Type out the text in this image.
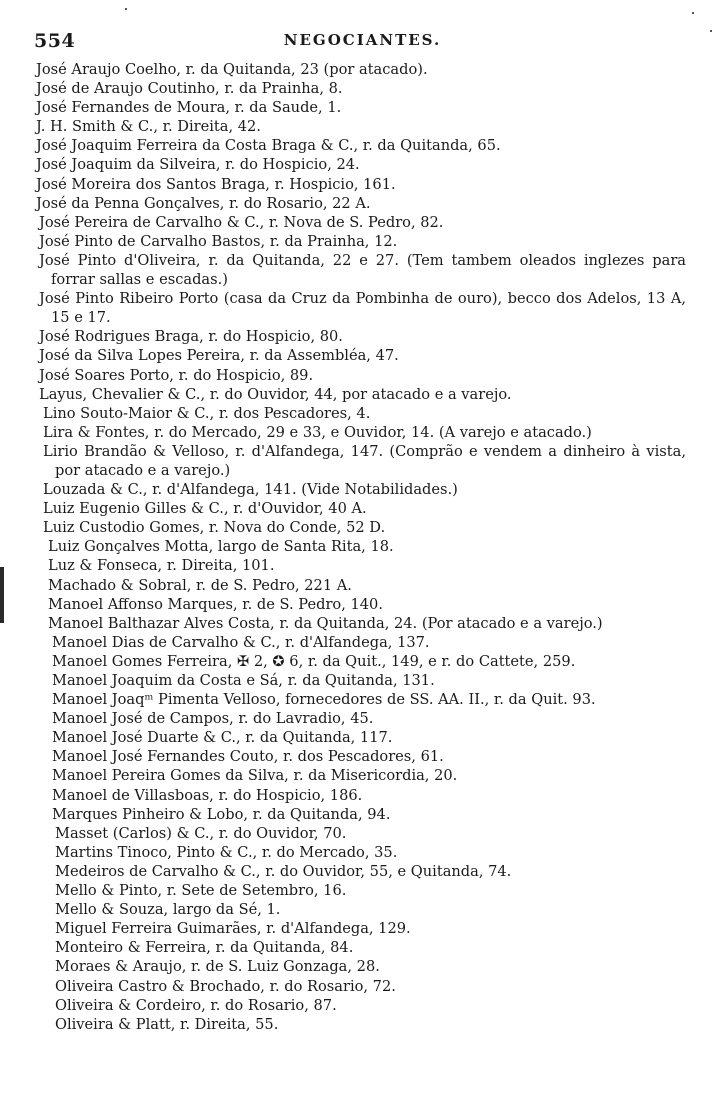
554	NEGOCIANTES.
José Araujo Coelho, r. da Quitanda, 23 (por atacado).
José de Araujo Coutinho, r. da Prainha, 8.
José Fernandes de Moura, r. da Saude, 1.
J. H. Smith & C., r. Direita, 42.
José Joaquim Ferreira da Costa Braga & C., r. da Quitanda, 65.
José Joaquim da Silveira, r. do Hospicio, 24.
José Moreira dos Santos Braga, r. Hospicio, 161.
José da Penna Gonçalves, r. do Rosario, 22 A.
José Pereira de Carvalho & C., r. Nova de S. Pedro, 82.
José Pinto de Carvalho Bastos, r. da Prainha, 12.
José Pinto d'Oliveira, r. da Quitanda, 22 e 27. (Tem tambem oleados inglezes para forrar sallas e escadas.)
José Pinto Ribeiro Porto (casa da Cruz da Pombinha de ouro), becco dos Adelos, 13 A, 15 e 17.
José Rodrigues Braga, r. do Hospicio, 80.
José da Silva Lopes Pereira, r. da Assembléa, 47.
José Soares Porto, r. do Hospicio, 89.
Layus, Chevalier & C., r. do Ouvidor, 44, por atacado e a varejo.
Lino Souto-Maior & C., r. dos Pescadores, 4.
Lira & Fontes, r. do Mercado, 29 e 33, e Ouvidor, 14. (A varejo e atacado.)
Lirio Brandão & Velloso, r. d'Alfandega, 147. (Comprão e vendem a dinheiro à vista, por atacado e a varejo.)
Louzada & C., r. d'Alfandega, 141. (Vide Notabilidades.)
Luiz Eugenio Gilles & C., r. d'Ouvidor, 40 A.
Luiz Custodio Gomes, r. Nova do Conde, 52 D.
Luiz Gonçalves Motta, largo de Santa Rita, 18.
Luz & Fonseca, r. Direita, 101.
Machado & Sobral, r. de S. Pedro, 221 A.
Manoel Affonso Marques, r. de S. Pedro, 140.
Manoel Balthazar Alves Costa, r. da Quitanda, 24. (Por atacado e a varejo.)
Manoel Dias de Carvalho & C., r. d'Alfandega, 137.
Manoel Gomes Ferreira, ✠ 2, ✪ 6, r. da Quit., 149, e r. do Cattete, 259.
Manoel Joaquim da Costa e Sá, r. da Quitanda, 131.
Manoel Joaqᵐ Pimenta Velloso, fornecedores de SS. AA. II., r. da Quit. 93.
Manoel José de Campos, r. do Lavradio, 45.
Manoel José Duarte & C., r. da Quitanda, 117.
Manoel José Fernandes Couto, r. dos Pescadores, 61.
Manoel Pereira Gomes da Silva, r. da Misericordia, 20.
Manoel de Villasboas, r. do Hospicio, 186.
Marques Pinheiro & Lobo, r. da Quitanda, 94.
Masset (Carlos) & C., r. do Ouvidor, 70.
Martins Tinoco, Pinto & C., r. do Mercado, 35.
Medeiros de Carvalho & C., r. do Ouvidor, 55, e Quitanda, 74.
Mello & Pinto, r. Sete de Setembro, 16.
Mello & Souza, largo da Sé, 1.
Miguel Ferreira Guimarães, r. d'Alfandega, 129.
Monteiro & Ferreira, r. da Quitanda, 84.
Moraes & Araujo, r. de S. Luiz Gonzaga, 28.
Oliveira Castro & Brochado, r. do Rosario, 72.
Oliveira & Cordeiro, r. do Rosario, 87.
Oliveira & Platt, r. Direita, 55.
